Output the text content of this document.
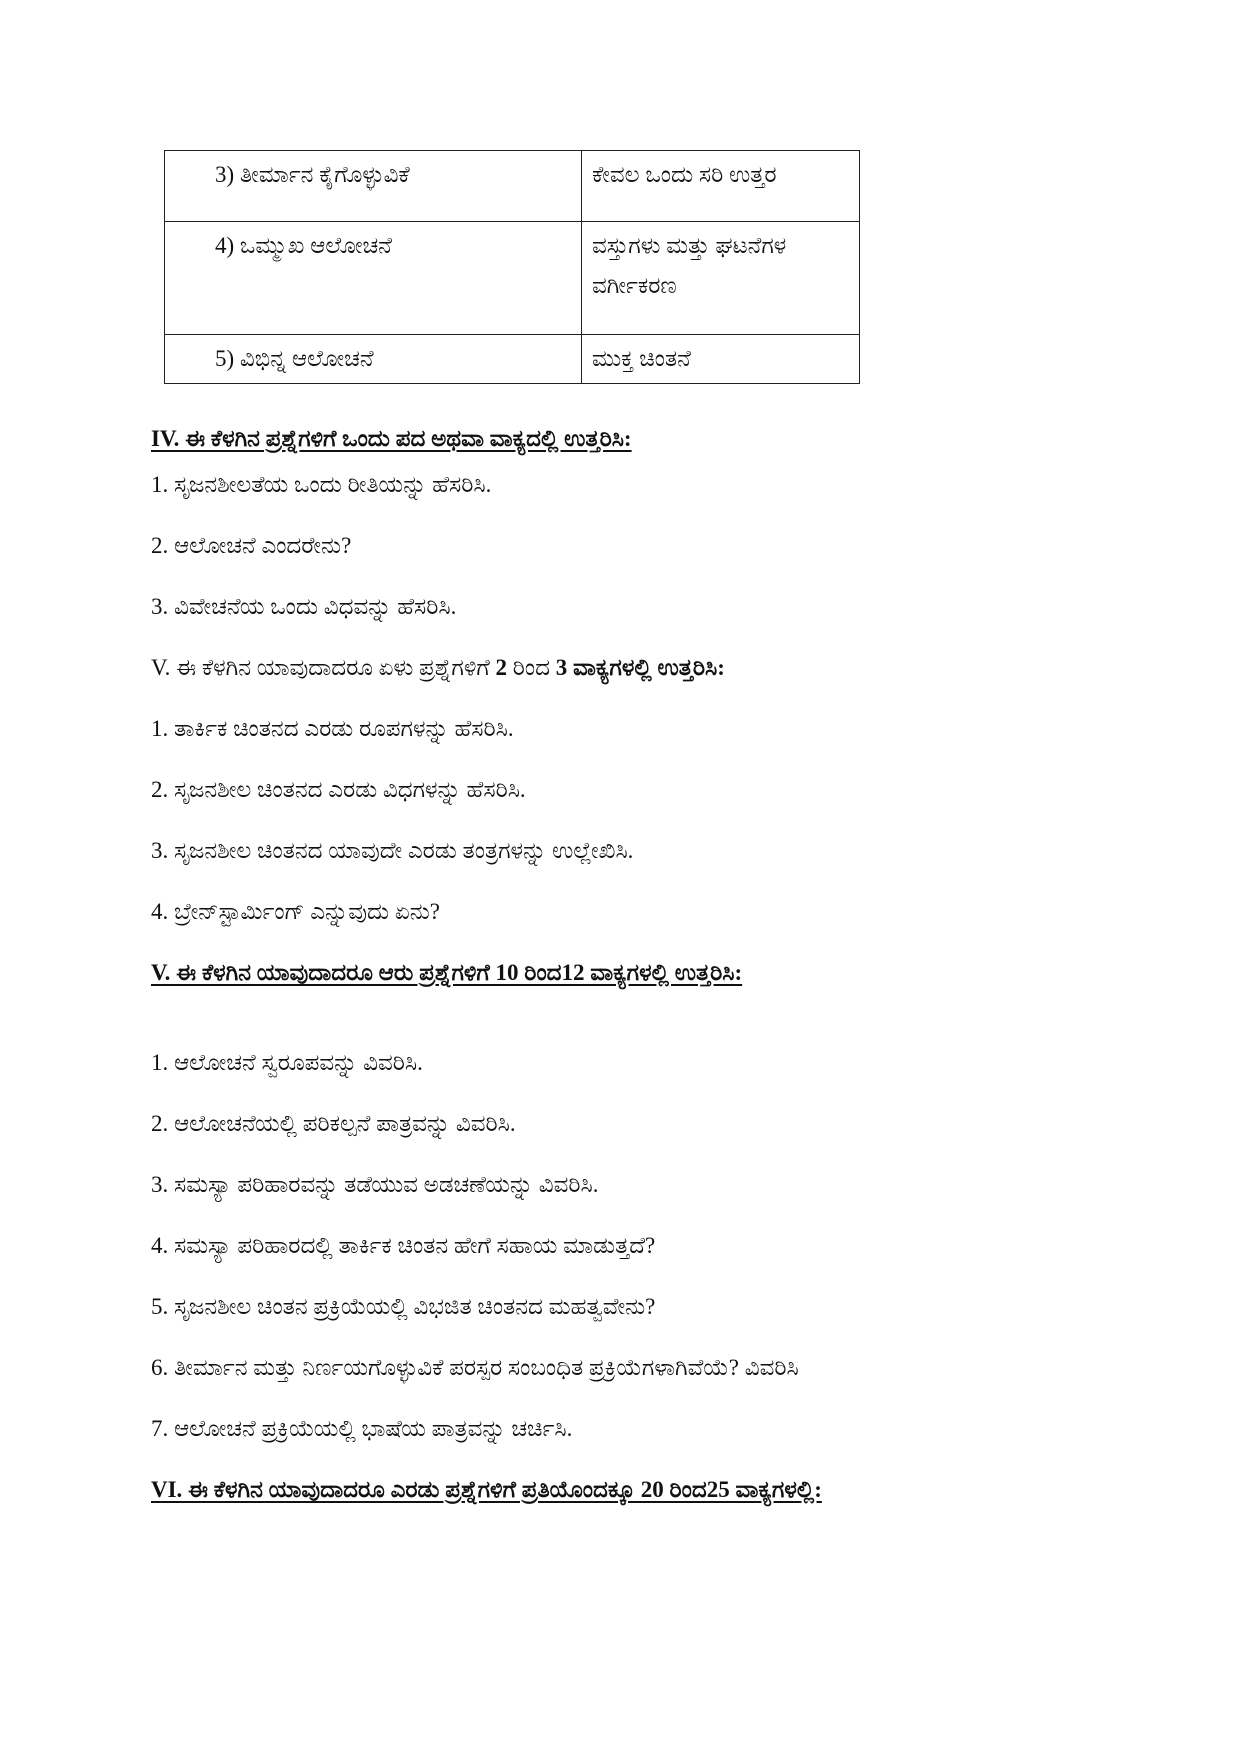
3) ತೀರ್ಮಾನ ಕೈಗೊಳ್ಳುವಿಕೆ	ಕೇವಲ ಒಂದು ಸರಿ ಉತ್ತರ
4) ಒಮ್ಮುಖ ಆಲೋಚನೆ	ವಸ್ತುಗಳು ಮತ್ತು ಘಟನೆಗಳ ವರ್ಗೀಕರಣ
5) ವಿಭಿನ್ನ ಆಲೋಚನೆ	ಮುಕ್ತ ಚಿಂತನೆ
IV. ಈ ಕೆಳಗಿನ ಪ್ರಶ್ನೆಗಳಿಗೆ ಒಂದು ಪದ ಅಥವಾ ವಾಕ್ಯದಲ್ಲಿ ಉತ್ತರಿಸಿ:
1. ಸೃಜನಶೀಲತೆಯ ಒಂದು ರೀತಿಯನ್ನು ಹೆಸರಿಸಿ.
2. ಆಲೋಚನೆ ಎಂದರೇನು?
3. ವಿವೇಚನೆಯ ಒಂದು ವಿಧವನ್ನು ಹೆಸರಿಸಿ.
V. ಈ ಕೆಳಗಿನ ಯಾವುದಾದರೂ ಏಳು ಪ್ರಶ್ನೆಗಳಿಗೆ 2 ರಿಂದ 3 ವಾಕ್ಯಗಳಲ್ಲಿ ಉತ್ತರಿಸಿ:
1. ತಾರ್ಕಿಕ ಚಿಂತನದ ಎರಡು ರೂಪಗಳನ್ನು ಹೆಸರಿಸಿ.
2. ಸೃಜನಶೀಲ ಚಿಂತನದ ಎರಡು ವಿಧಗಳನ್ನು ಹೆಸರಿಸಿ.
3. ಸೃಜನಶೀಲ ಚಿಂತನದ ಯಾವುದೇ ಎರಡು ತಂತ್ರಗಳನ್ನು ಉಲ್ಲೇಖಿಸಿ.
4. ಬ್ರೇನ್‌ಸ್ಟಾರ್ಮಿಂಗ್ ಎನ್ನುವುದು ಏನು?
V. ಈ ಕೆಳಗಿನ ಯಾವುದಾದರೂ ಆರು ಪ್ರಶ್ನೆಗಳಿಗೆ 10 ರಿಂದ12 ವಾಕ್ಯಗಳಲ್ಲಿ ಉತ್ತರಿಸಿ:
1. ಆಲೋಚನೆ ಸ್ವರೂಪವನ್ನು ವಿವರಿಸಿ.
2. ಆಲೋಚನೆಯಲ್ಲಿ ಪರಿಕಲ್ಪನೆ ಪಾತ್ರವನ್ನು ವಿವರಿಸಿ.
3. ಸಮಸ್ಯಾ ಪರಿಹಾರವನ್ನು ತಡೆಯುವ ಅಡಚಣೆಯನ್ನು ವಿವರಿಸಿ.
4. ಸಮಸ್ಯಾ ಪರಿಹಾರದಲ್ಲಿ ತಾರ್ಕಿಕ ಚಿಂತನ ಹೇಗೆ ಸಹಾಯ ಮಾಡುತ್ತದೆ?
5. ಸೃಜನಶೀಲ ಚಿಂತನ ಪ್ರಕ್ರಿಯೆಯಲ್ಲಿ ವಿಭಜಿತ ಚಿಂತನದ ಮಹತ್ವವೇನು?
6. ತೀರ್ಮಾನ ಮತ್ತು ನಿರ್ಣಯಗೊಳ್ಳುವಿಕೆ ಪರಸ್ಪರ ಸಂಬಂಧಿತ ಪ್ರಕ್ರಿಯೆಗಳಾಗಿವೆಯೆ? ವಿವರಿಸಿ
7. ಆಲೋಚನೆ ಪ್ರಕ್ರಿಯೆಯಲ್ಲಿ ಭಾಷೆಯ ಪಾತ್ರವನ್ನು ಚರ್ಚಿಸಿ.
VI. ಈ ಕೆಳಗಿನ ಯಾವುದಾದರೂ ಎರಡು ಪ್ರಶ್ನೆಗಳಿಗೆ ಪ್ರತಿಯೊಂದಕ್ಕೂ 20 ರಿಂದ25 ವಾಕ್ಯಗಳಲ್ಲಿ:
